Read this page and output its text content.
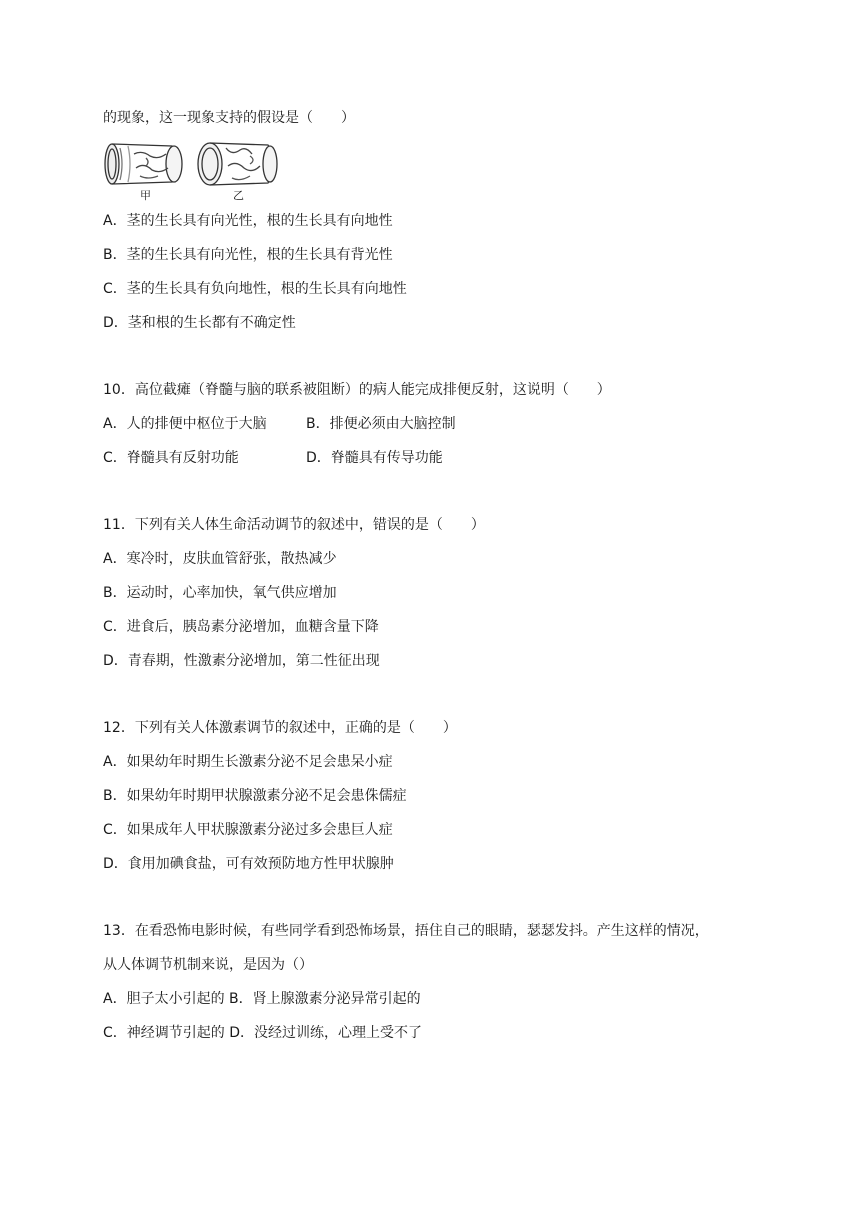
的现象，这一现象支持的假设是（　　）
甲	乙
A．茎的生长具有向光性，根的生长具有向地性
B．茎的生长具有向光性，根的生长具有背光性
C．茎的生长具有负向地性，根的生长具有向地性
D．茎和根的生长都有不确定性
10．高位截瘫（脊髓与脑的联系被阻断）的病人能完成排便反射，这说明（　　）
A．人的排便中枢位于大脑	B．排便必须由大脑控制
C．脊髓具有反射功能	D．脊髓具有传导功能
11．下列有关人体生命活动调节的叙述中，错误的是（　　）
A．寒冷时，皮肤血管舒张，散热减少
B．运动时，心率加快，氧气供应增加
C．进食后，胰岛素分泌增加，血糖含量下降
D．青春期，性激素分泌增加，第二性征出现
12．下列有关人体激素调节的叙述中，正确的是（　　）
A．如果幼年时期生长激素分泌不足会患呆小症
B．如果幼年时期甲状腺激素分泌不足会患侏儒症
C．如果成年人甲状腺激素分泌过多会患巨人症
D．食用加碘食盐，可有效预防地方性甲状腺肿
13．在看恐怖电影时候，有些同学看到恐怖场景，捂住自己的眼睛，瑟瑟发抖。产生这样的情况，
从人体调节机制来说，是因为（）
A．胆子太小引起的 B．肾上腺激素分泌异常引起的
C．神经调节引起的 D．没经过训练，心理上受不了
